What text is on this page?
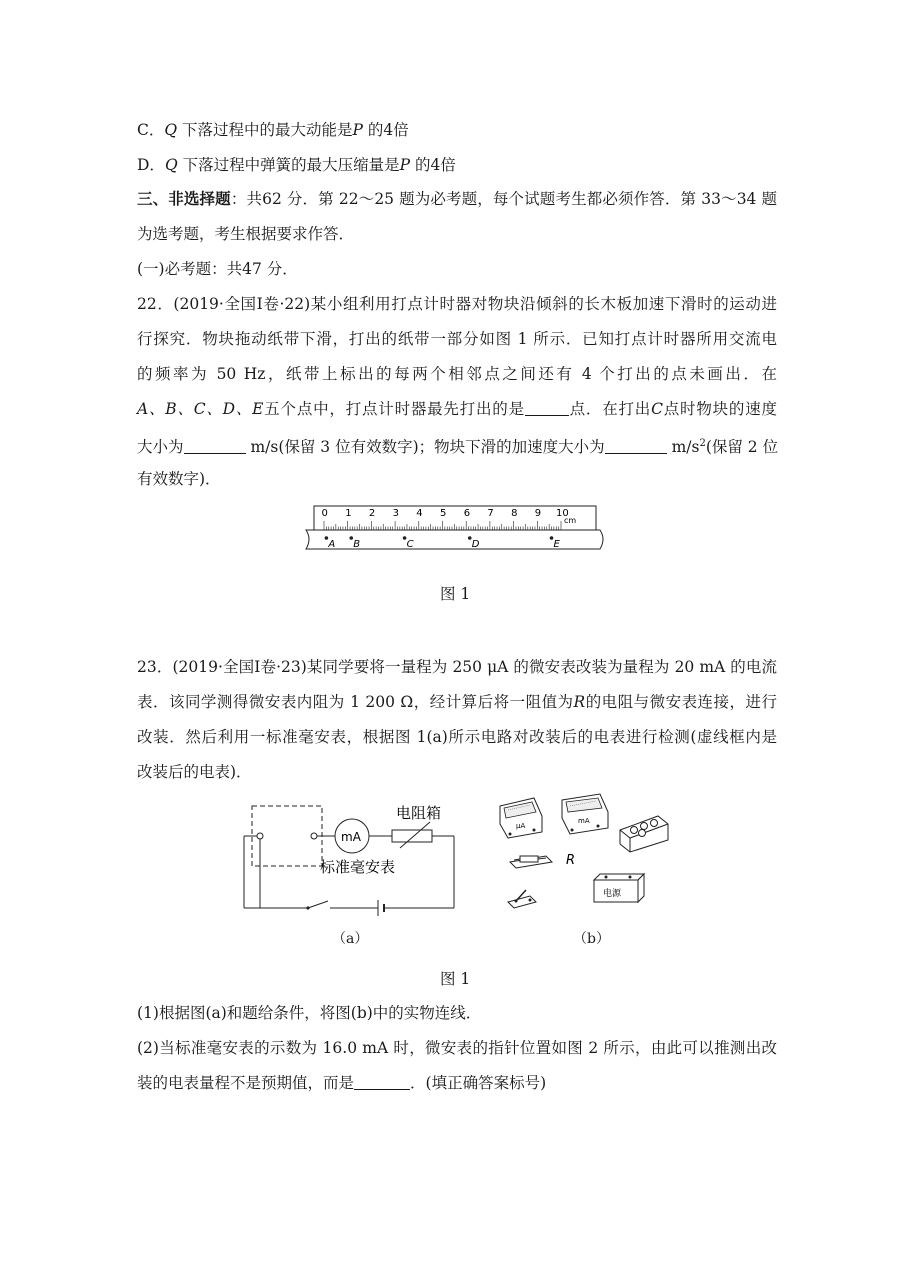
C．Q 下落过程中的最大动能是P 的4倍
D．Q 下落过程中弹簧的最大压缩量是P 的4倍
三、非选择题：共62 分．第 22～25 题为必考题，每个试题考生都必须作答．第 33～34 题
为选考题，考生根据要求作答．
(一)必考题：共47 分．
22．(2019·全国Ⅰ卷·22)某小组利用打点计时器对物块沿倾斜的长木板加速下滑时的运动进
行探究．物块拖动纸带下滑，打出的纸带一部分如图 1 所示．已知打点计时器所用交流电
的频率为 50 Hz，纸带上标出的每两个相邻点之间还有 4 个打出的点未画出．在
A、B、C、D、E五个点中，打点计时器最先打出的是	点．在打出C点时物块的速度
大小为	m/s(保留 3 位有效数字)；物块下滑的加速度大小为	$m/s^2$(保留 2 位
有效数字)．
0 1 2 3 4 5 6 7 8 9 10
cm
A B	C	D	E
图 1
23．(2019·全国Ⅰ卷·23)某同学要将一量程为 250 μA 的微安表改装为量程为 20 mA 的电流
表．该同学测得微安表内阻为 1 200 Ω，经计算后将一阻值为R的电阻与微安表连接，进行
改装．然后利用一标准毫安表，根据图 1(a)所示电路对改装后的电表进行检测(虚线框内是
改装后的电表)．
mA
电阻箱
标准毫安表
（a）
μA
mA
R
电源
（b）
图 1
(1)根据图(a)和题给条件，将图(b)中的实物连线．
(2)当标准毫安表的示数为 16.0 mA 时，微安表的指针位置如图 2 所示，由此可以推测出改
装的电表量程不是预期值，而是	．(填正确答案标号)
